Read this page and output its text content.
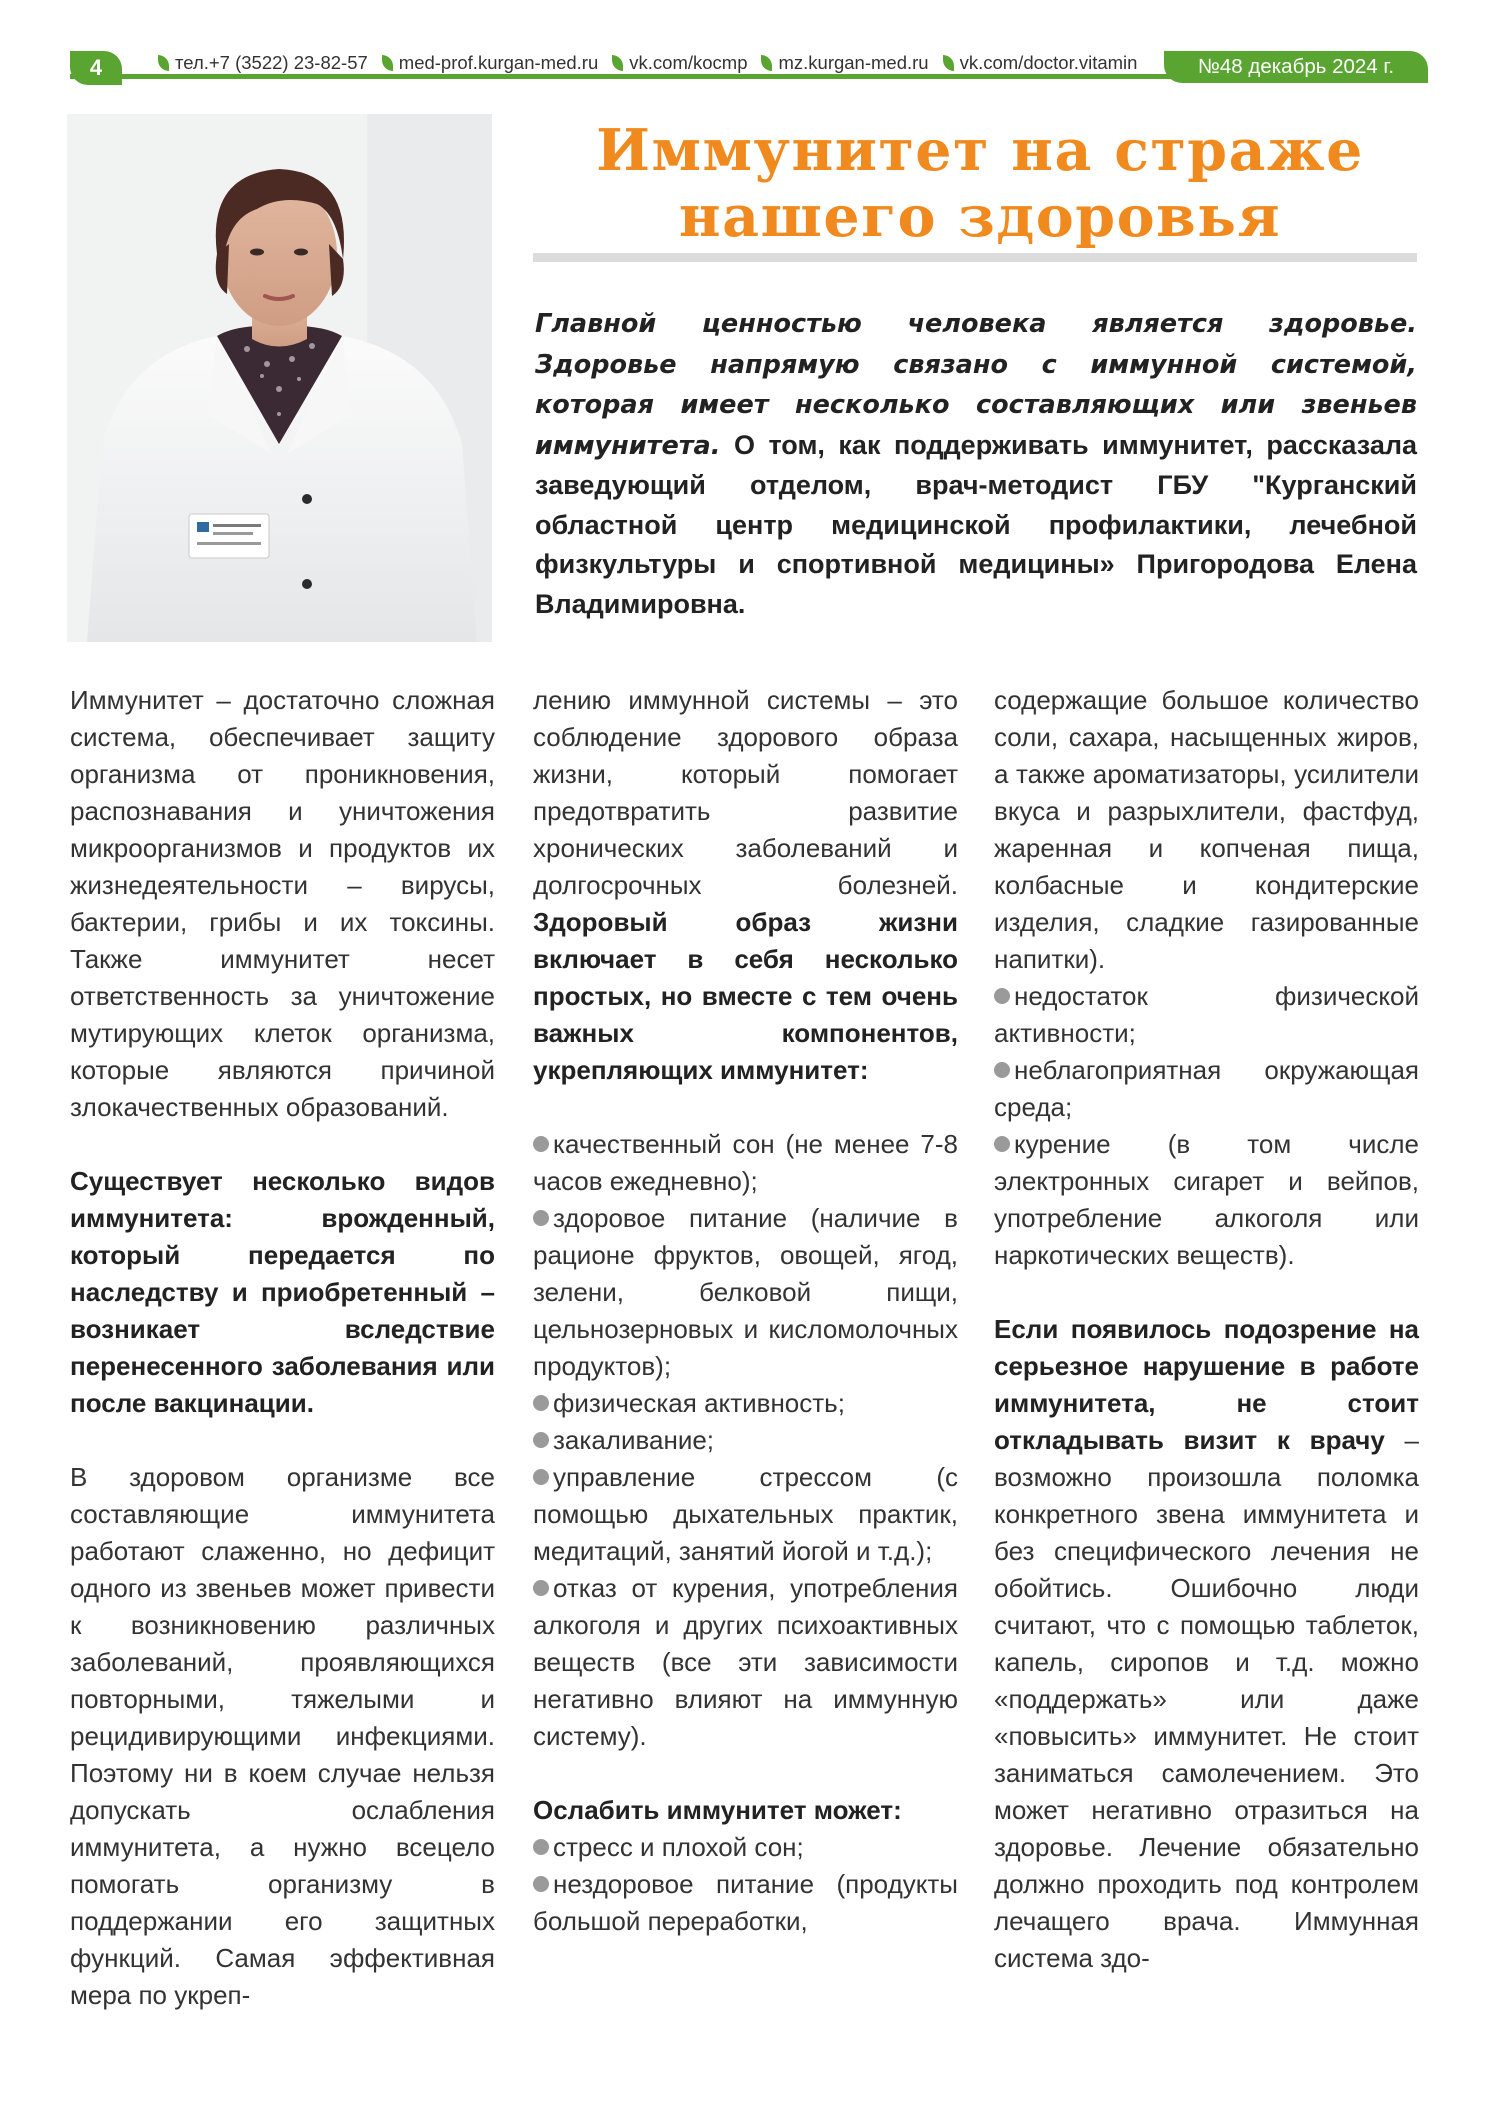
4	тел.+7 (3522) 23-82-57 med-prof.kurgan-med.ru vk.com/kocmp mz.kurgan-med.ru vk.com/doctor.vitamin	№48 декабрь 2024 г.
Иммунитет на страже
нашего здоровья
Главной ценностью человека является здоровье. Здоровье напрямую связано с иммунной системой, которая имеет несколько составляющих или звеньев иммунитета. О том, как поддерживать иммунитет, рассказала заведующий отделом, врач-методист ГБУ "Курганский областной центр медицинской профилактики, лечебной физкультуры и спортивной медицины» Пригородова Елена Владимировна.

Иммунитет – достаточно сложная система, обеспечивает защиту организма от проникновения, распознавания и уничтожения микроорганизмов и продуктов их жизнедеятельности – вирусы, бактерии, грибы и их токсины. Также иммунитет несет ответственность за уничтожение мутирующих клеток организма, которые являются причиной злокачественных образований.

Существует несколько видов иммунитета: врожденный, который передается по наследству и приобретенный – возникает вследствие перенесенного заболевания или после вакцинации.

В здоровом организме все составляющие иммунитета работают слаженно, но дефицит одного из звеньев может привести к возникновению различных заболеваний, проявляющихся повторными, тяжелыми и рецидивирующими инфекциями. Поэтому ни в коем случае нельзя допускать ослабления иммунитета, а нужно всецело помогать организму в поддержании его защитных функций. Самая эффективная мера по укреп-

лению иммунной системы – это соблюдение здорового образа жизни, который помогает предотвратить развитие хронических заболеваний и долгосрочных болезней. Здоровый образ жизни включает в себя несколько простых, но вместе с тем очень важных компонентов, укрепляющих иммунитет:

качественный сон (не менее 7-8 часов ежедневно);
здоровое питание (наличие в рационе фруктов, овощей, ягод, зелени, белковой пищи, цельнозерновых и кисломолочных продуктов);
физическая активность;
закаливание;
управление стрессом (с помощью дыхательных практик, медитаций, занятий йогой и т.д.);
отказ от курения, употребления алкоголя и других психоактивных веществ (все эти зависимости негативно влияют на иммунную систему).

Ослабить иммунитет может:

стресс и плохой сон;
нездоровое питание (продукты большой переработки,

содержащие большое количество соли, сахара, насыщенных жиров, а также ароматизаторы, усилители вкуса и разрыхлители, фастфуд, жаренная и копченая пища, колбасные и кондитерские изделия, сладкие газированные напитки).

недостаток физической активности;
неблагоприятная окружающая среда;
курение (в том числе электронных сигарет и вейпов, употребление алкоголя или наркотических веществ).

Если появилось подозрение на серьезное нарушение в работе иммунитета, не стоит откладывать визит к врачу – возможно произошла поломка конкретного звена иммунитета и без специфического лечения не обойтись. Ошибочно люди считают, что с помощью таблеток, капель, сиропов и т.д. можно «поддержать» или даже «повысить» иммунитет. Не стоит заниматься самолечением. Это может негативно отразиться на здоровье. Лечение обязательно должно проходить под контролем лечащего врача. Иммунная система здо-
